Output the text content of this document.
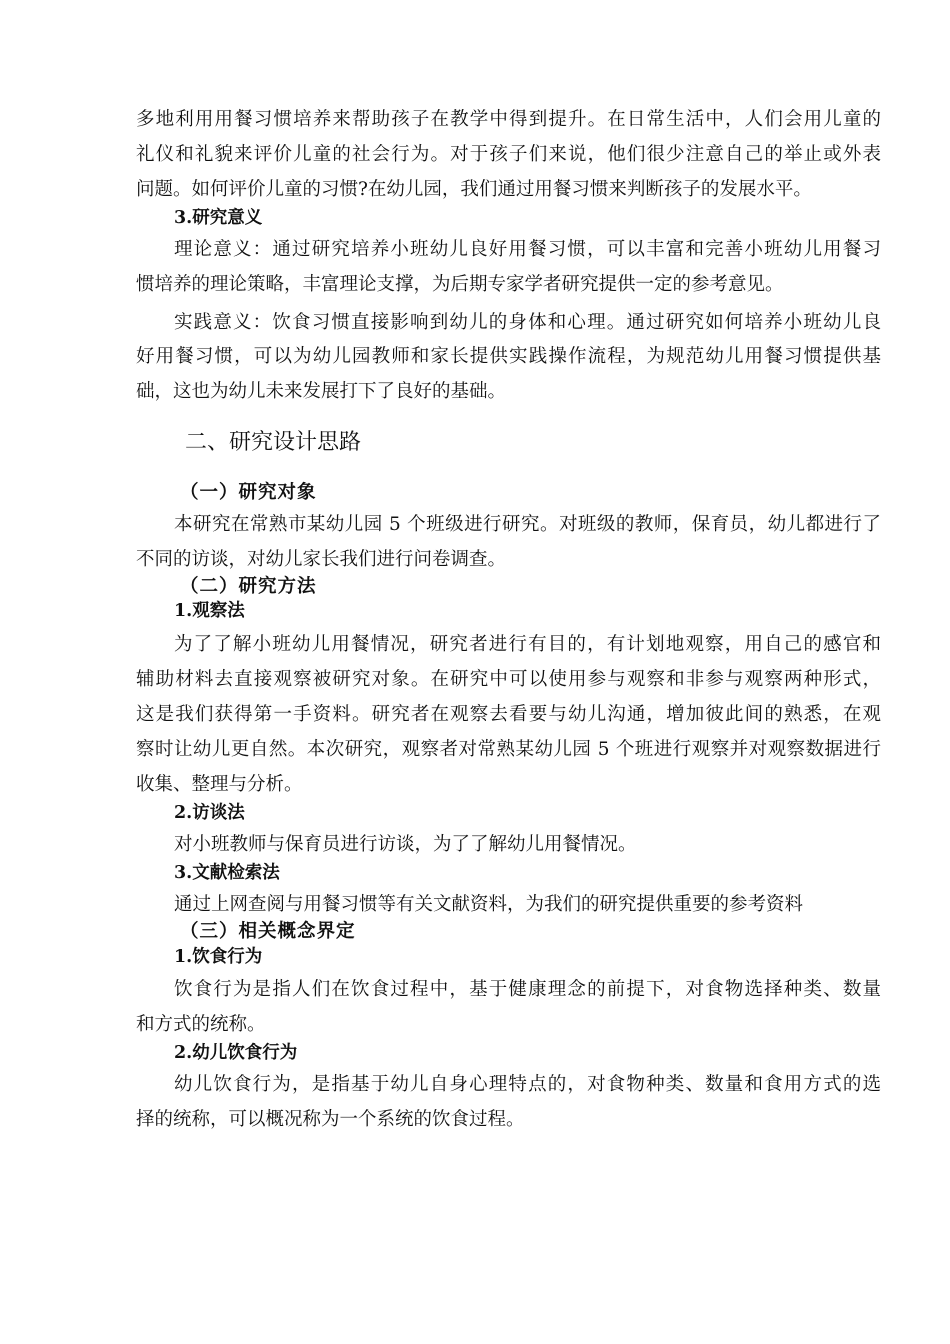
多地利用用餐习惯培养来帮助孩子在教学中得到提升。在日常生活中，人们会用儿童的
礼仪和礼貌来评价儿童的社会行为。对于孩子们来说，他们很少注意自己的举止或外表
问题。如何评价儿童的习惯?在幼儿园，我们通过用餐习惯来判断孩子的发展水平。
3.研究意义
理论意义：通过研究培养小班幼儿良好用餐习惯，可以丰富和完善小班幼儿用餐习
惯培养的理论策略，丰富理论支撑，为后期专家学者研究提供一定的参考意见。
实践意义：饮食习惯直接影响到幼儿的身体和心理。通过研究如何培养小班幼儿良
好用餐习惯，可以为幼儿园教师和家长提供实践操作流程，为规范幼儿用餐习惯提供基
础，这也为幼儿未来发展打下了良好的基础。
二、研究设计思路
（一）研究对象
本研究在常熟市某幼儿园 5 个班级进行研究。对班级的教师，保育员，幼儿都进行了
不同的访谈，对幼儿家长我们进行问卷调查。
（二）研究方法
1.观察法
为了了解小班幼儿用餐情况，研究者进行有目的，有计划地观察，用自己的感官和
辅助材料去直接观察被研究对象。在研究中可以使用参与观察和非参与观察两种形式，
这是我们获得第一手资料。研究者在观察去看要与幼儿沟通，增加彼此间的熟悉，在观
察时让幼儿更自然。本次研究，观察者对常熟某幼儿园 5 个班进行观察并对观察数据进行
收集、整理与分析。
2.访谈法
对小班教师与保育员进行访谈，为了了解幼儿用餐情况。
3.文献检索法
通过上网查阅与用餐习惯等有关文献资料，为我们的研究提供重要的参考资料
（三）相关概念界定
1.饮食行为
饮食行为是指人们在饮食过程中，基于健康理念的前提下，对食物选择种类、数量
和方式的统称。
2.幼儿饮食行为
幼儿饮食行为，是指基于幼儿自身心理特点的，对食物种类、数量和食用方式的选
择的统称，可以概况称为一个系统的饮食过程。
